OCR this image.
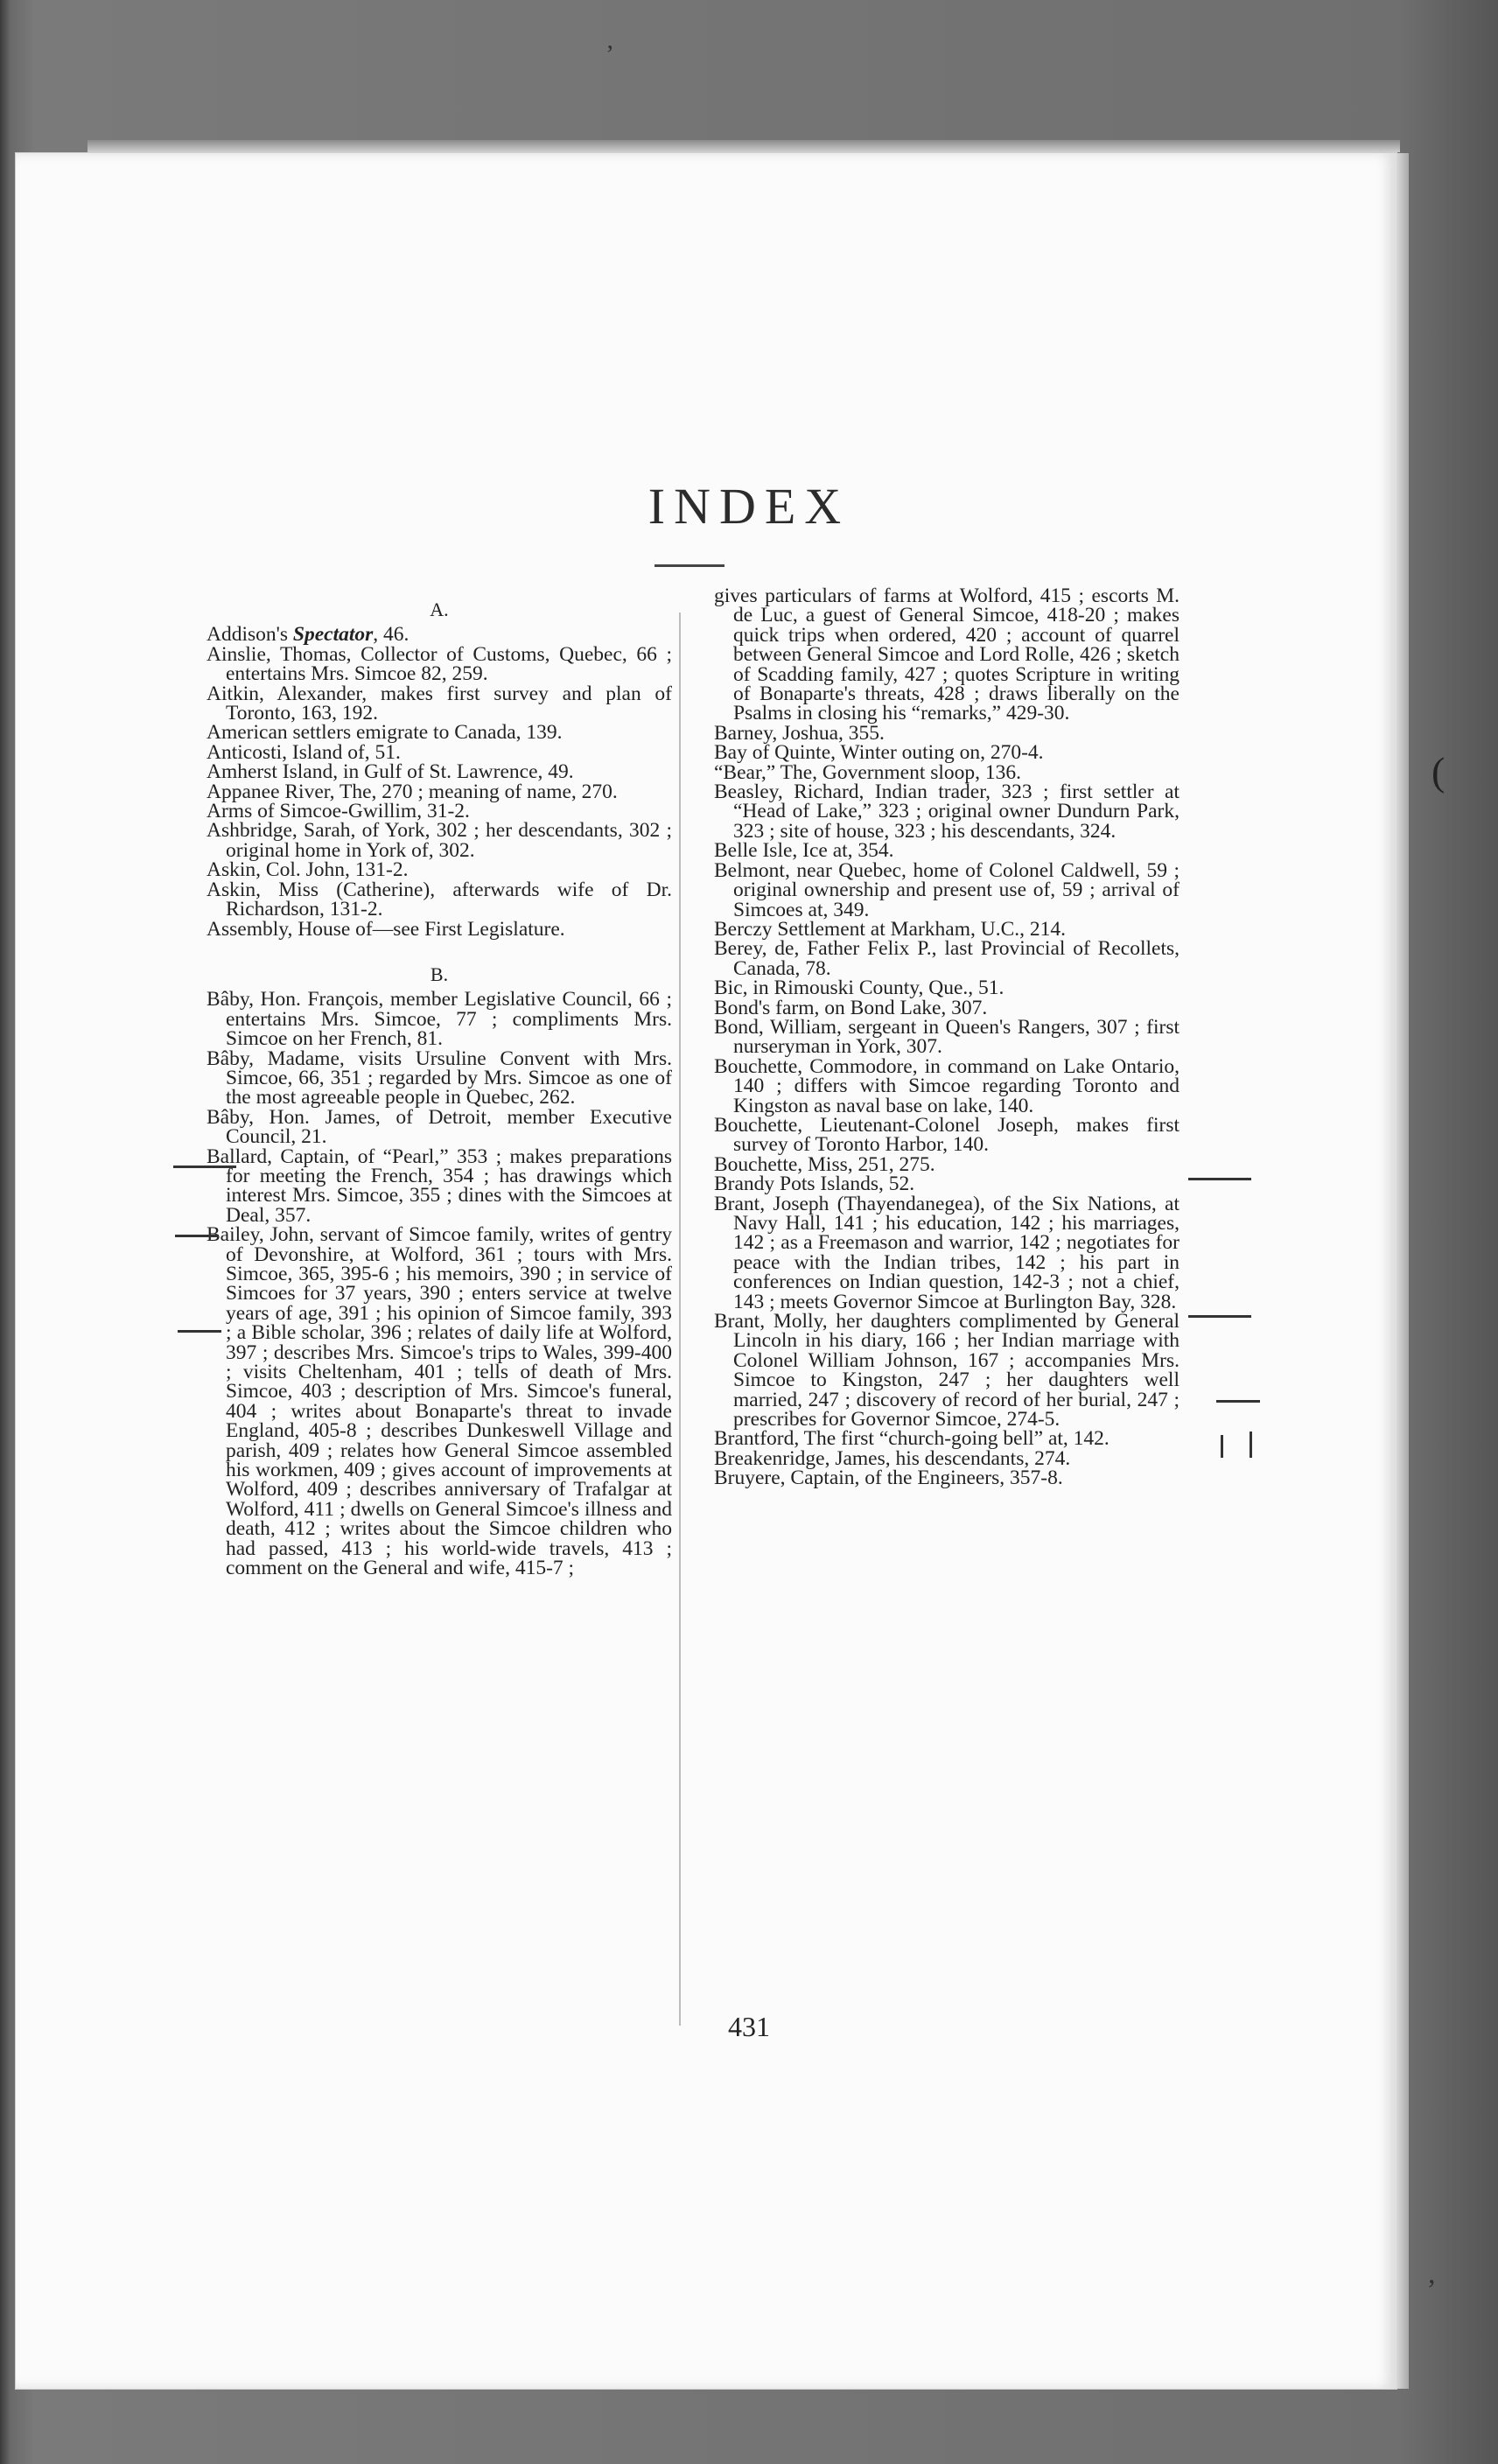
ʼ
INDEX
A.

Addison's Spectator, 46.

Ainslie, Thomas, Collector of Customs, Quebec, 66 ; entertains Mrs. Simcoe 82, 259.

Aitkin, Alexander, makes first survey and plan of Toronto, 163, 192.

American settlers emigrate to Canada, 139.

Anticosti, Island of, 51.

Amherst Island, in Gulf of St. Lawrence, 49.

Appanee River, The, 270 ; meaning of name, 270.

Arms of Simcoe-Gwillim, 31-2.

Ashbridge, Sarah, of York, 302 ; her descendants, 302 ; original home in York of, 302.

Askin, Col. John, 131-2.

Askin, Miss (Catherine), afterwards wife of Dr. Richardson, 131-2.

Assembly, House of—see First Legislature.

B.

Bâby, Hon. François, member Legislative Council, 66 ; entertains Mrs. Simcoe, 77 ; compliments Mrs. Simcoe on her French, 81.

Bâby, Madame, visits Ursuline Convent with Mrs. Simcoe, 66, 351 ; regarded by Mrs. Simcoe as one of the most agreeable people in Quebec, 262.

Bâby, Hon. James, of Detroit, member Executive Council, 21.

Ballard, Captain, of “Pearl,” 353 ; makes preparations for meeting the French, 354 ; has drawings which interest Mrs. Simcoe, 355 ; dines with the Simcoes at Deal, 357.

Bailey, John, servant of Simcoe family, writes of gentry of Devonshire, at Wolford, 361 ; tours with Mrs. Simcoe, 365, 395-6 ; his memoirs, 390 ; in service of Simcoes for 37 years, 390 ; enters service at twelve years of age, 391 ; his opinion of Simcoe family, 393 ; a Bible scholar, 396 ; relates of daily life at Wolford, 397 ; describes Mrs. Simcoe's trips to Wales, 399-400 ; visits Cheltenham, 401 ; tells of death of Mrs. Simcoe, 403 ; description of Mrs. Simcoe's funeral, 404 ; writes about Bonaparte's threat to invade England, 405-8 ; describes Dunkeswell Village and parish, 409 ; relates how General Simcoe assembled his workmen, 409 ; gives account of improvements at Wolford, 409 ; describes anniversary of Trafalgar at Wolford, 411 ; dwells on General Simcoe's illness and death, 412 ; writes about the Simcoe children who had passed, 413 ; his world-wide travels, 413 ; comment on the General and wife, 415-7 ;

gives particulars of farms at Wolford, 415 ; escorts M. de Luc, a guest of General Simcoe, 418-20 ; makes quick trips when ordered, 420 ; account of quarrel between General Simcoe and Lord Rolle, 426 ; sketch of Scadding family, 427 ; quotes Scripture in writing of Bonaparte's threats, 428 ; draws liberally on the Psalms in closing his “remarks,” 429-30.

Barney, Joshua, 355.

Bay of Quinte, Winter outing on, 270-4.

“Bear,” The, Government sloop, 136.

Beasley, Richard, Indian trader, 323 ; first settler at “Head of Lake,” 323 ; original owner Dundurn Park, 323 ; site of house, 323 ; his descendants, 324.

Belle Isle, Ice at, 354.

Belmont, near Quebec, home of Colonel Caldwell, 59 ; original ownership and present use of, 59 ; arrival of Simcoes at, 349.

Berczy Settlement at Markham, U.C., 214.

Berey, de, Father Felix P., last Provincial of Recollets, Canada, 78.

Bic, in Rimouski County, Que., 51.

Bond's farm, on Bond Lake, 307.

Bond, William, sergeant in Queen's Rangers, 307 ; first nurseryman in York, 307.

Bouchette, Commodore, in command on Lake Ontario, 140 ; differs with Simcoe regarding Toronto and Kingston as naval base on lake, 140.

Bouchette, Lieutenant-Colonel Joseph, makes first survey of Toronto Harbor, 140.

Bouchette, Miss, 251, 275.

Brandy Pots Islands, 52.

Brant, Joseph (Thayendanegea), of the Six Nations, at Navy Hall, 141 ; his education, 142 ; his marriages, 142 ; as a Freemason and warrior, 142 ; negotiates for peace with the Indian tribes, 142 ; his part in conferences on Indian question, 142-3 ; not a chief, 143 ; meets Governor Simcoe at Burlington Bay, 328.

Brant, Molly, her daughters complimented by General Lincoln in his diary, 166 ; her Indian marriage with Colonel William Johnson, 167 ; accompanies Mrs. Simcoe to Kingston, 247 ; her daughters well married, 247 ; discovery of record of her burial, 247 ; prescribes for Governor Simcoe, 274-5.

Brantford, The first “church-going bell” at, 142.

Breakenridge, James, his descendants, 274.

Bruyere, Captain, of the Engineers, 357-8.

431
(
,
